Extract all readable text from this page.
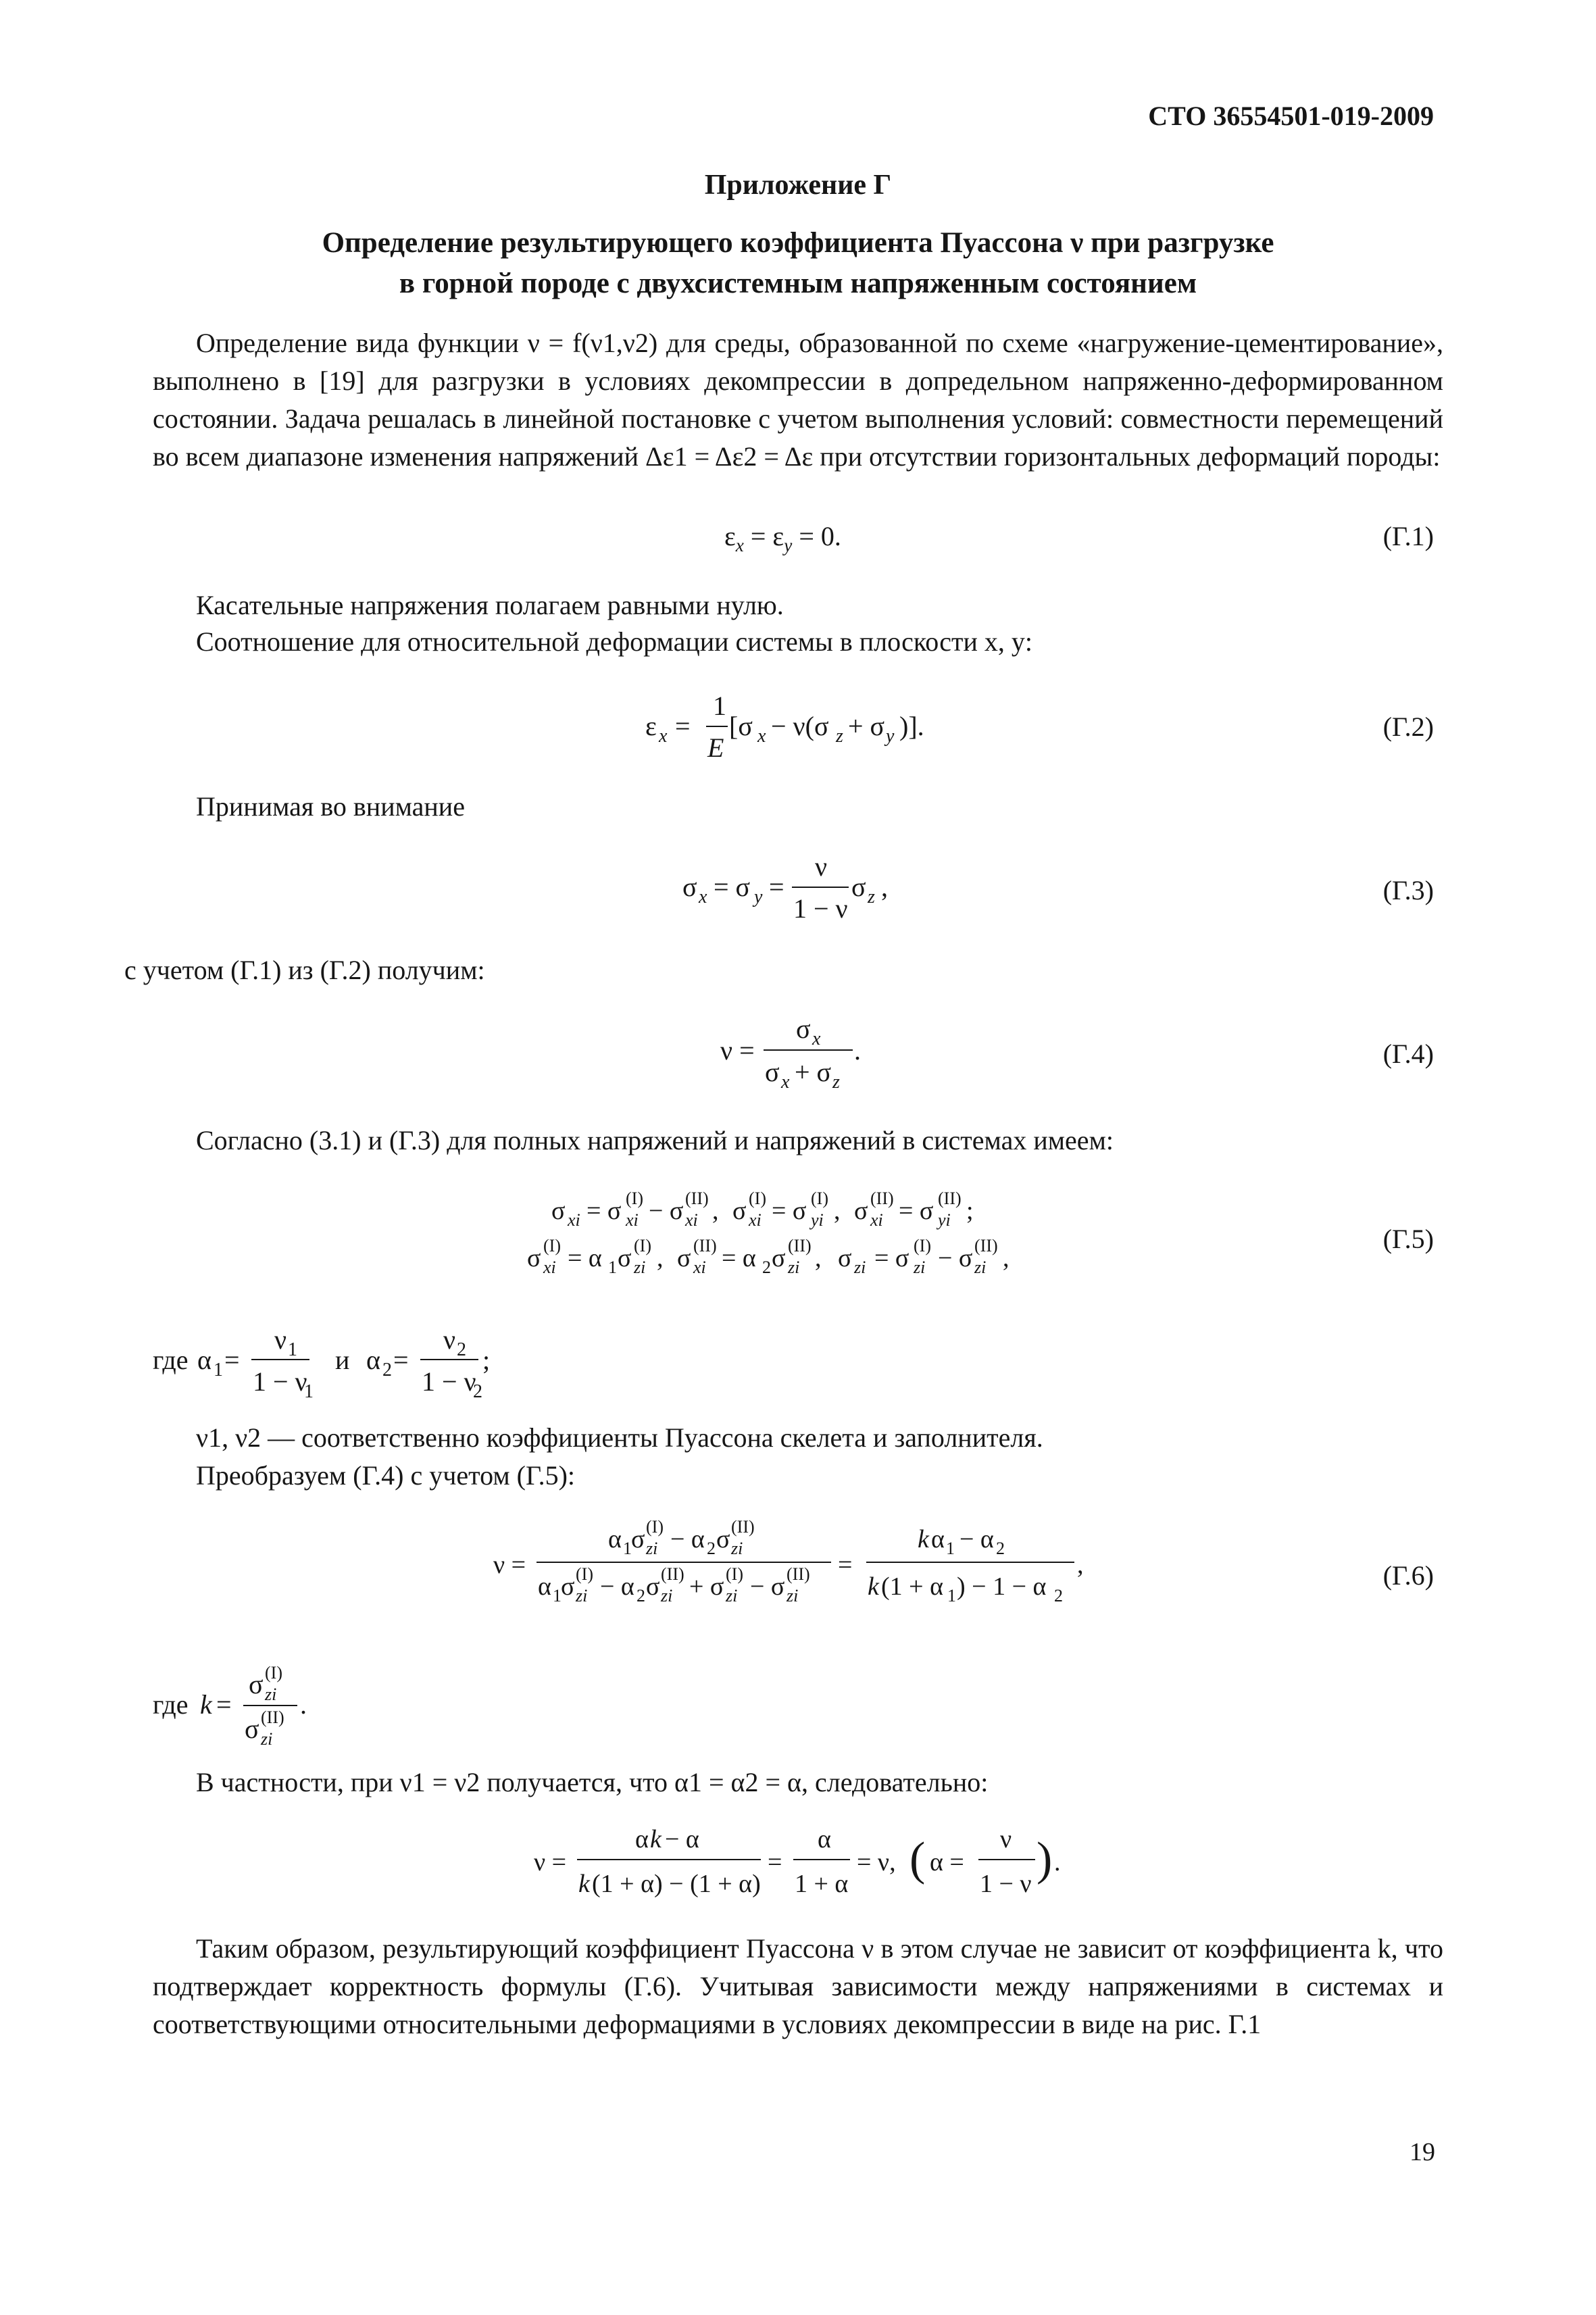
СТО 36554501-019-2009
Приложение Г
Определение результирующего коэффициента Пуассона ν при разгрузке
в горной породе с двухсистемным напряженным состоянием
Определение вида функции ν = f(ν1,ν2) для среды, образованной по схеме «нагружение-цементирование», выполнено в [19] для разгрузки в условиях декомпрессии в допредельном напряженно-деформированном состоянии. Задача решалась в линейной постановке с учетом выполнения условий: совместности перемещений во всем диапазоне изменения напряжений Δε1 = Δε2 = Δε при отсутствии горизонтальных деформаций породы:
$\varepsilon_x = \varepsilon_y = 0$.	(Г.1)
Касательные напряжения полагаем равными нулю.
Соотношение для относительной деформации системы в плоскости x, y:
ε x =
1
E
[σ x − ν(σ z + σ y )].	(Г.2)
Принимая во внимание
σ x = σ y =
ν
1 − ν
σ z ,	(Г.3)
с учетом (Г.1) из (Г.2) получим:
ν =
σ x
σ x + σ z
.	(Г.4)
Согласно (3.1) и (Г.3) для полных напряжений и напряжений в системах имеем:
σ xi = σ xi
(I) − σ xi
(II) , σ xi
(I) = σ yi
(I) , σ xi
(II) = σ yi
(II) ;
σ xi
(I) = α 1 σ zi
(I) , σ xi
(II) = α 2 σ zi
(II) , σ zi = σ zi
(I) − σ zi
(II) ,
(Г.5)
где α 1 =
ν 1
1 − ν
1
и α 2 =
ν 2
1 − ν
2
;
ν1, ν2 — соответственно коэффициенты Пуассона скелета и заполнителя.
Преобразуем (Г.4) с учетом (Г.5):
ν =
α 1 σ zi
(I) − α 2 σ zi
(II)
α 1 σ zi
(I) − α 2 σ zi
(II) + σ zi
(I) − σ zi
(II) =
k α 1 − α 2
k (1 + α 1 ) − 1 − α 2
,	(Г.6)
где k =
σ zi
(I)
σ zi
(II) .
В частности, при ν1 = ν2 получается, что α1 = α2 = α, следовательно:
ν =
α k − α
k (1 + α) − (1 + α)
=
α
1 + α
= ν, ( α =
ν
1 − ν ) .
Таким образом, результирующий коэффициент Пуассона ν в этом случае не зависит от коэффициента k, что подтверждает корректность формулы (Г.6). Учитывая зависимости между напряжениями в системах и соответствующими относительными деформациями в условиях декомпрессии в виде на рис. Г.1
19
